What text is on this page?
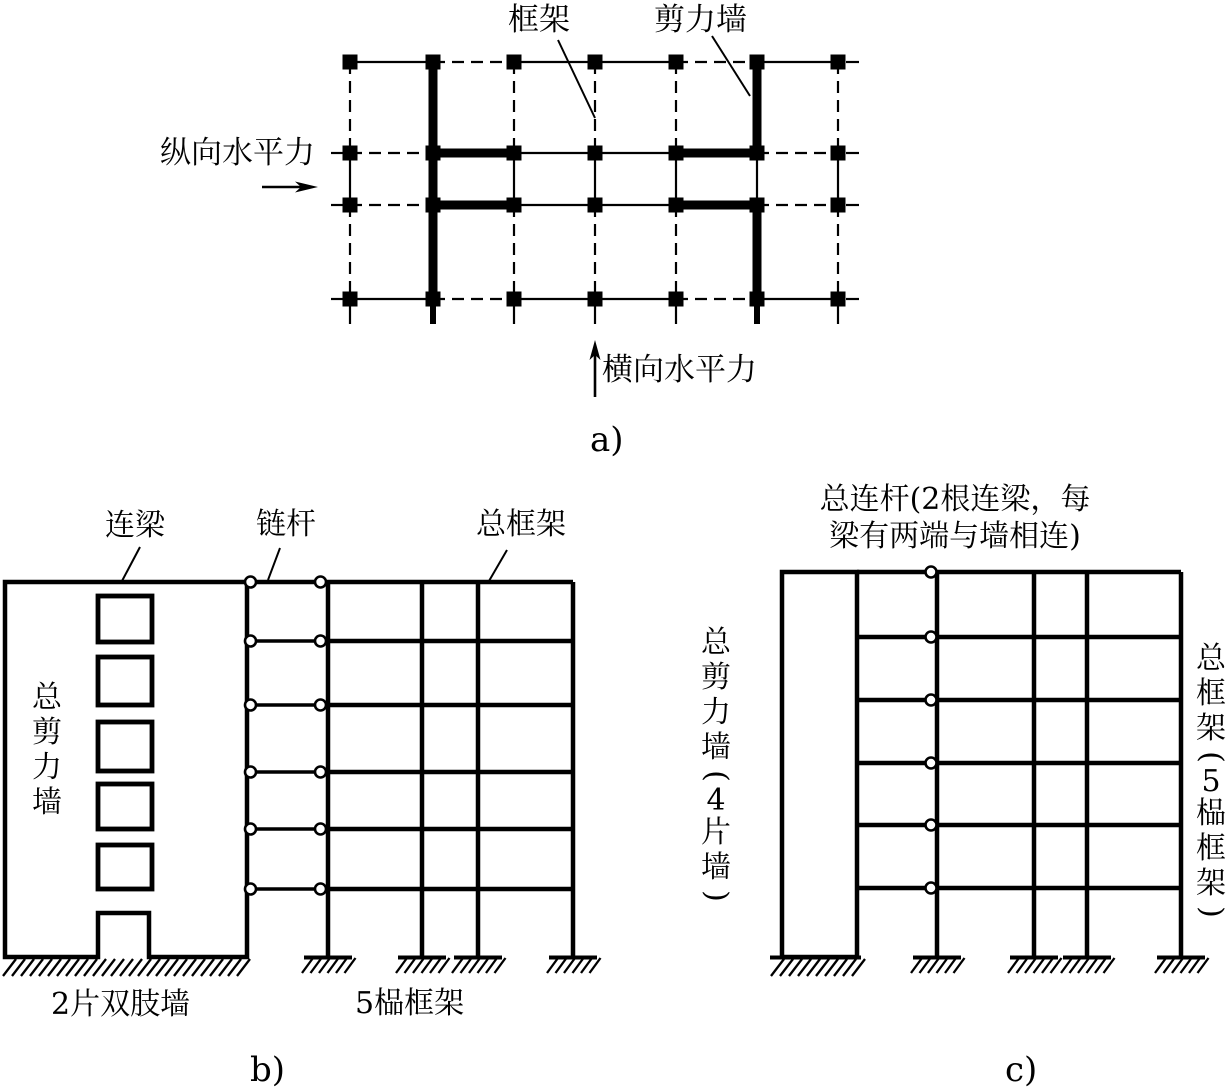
框架	剪力墙
纵向水平力
横向水平力
a)
连梁	链杆	总框架
总
剪
力
墙
2片双肢墙	5榀框架
b)
总连杆(2根连梁，每
梁有两端与墙相连)
总
剪
力
墙
(
4
片
墙
)
总
框
架
(
5
榀
框
架
)
c)
